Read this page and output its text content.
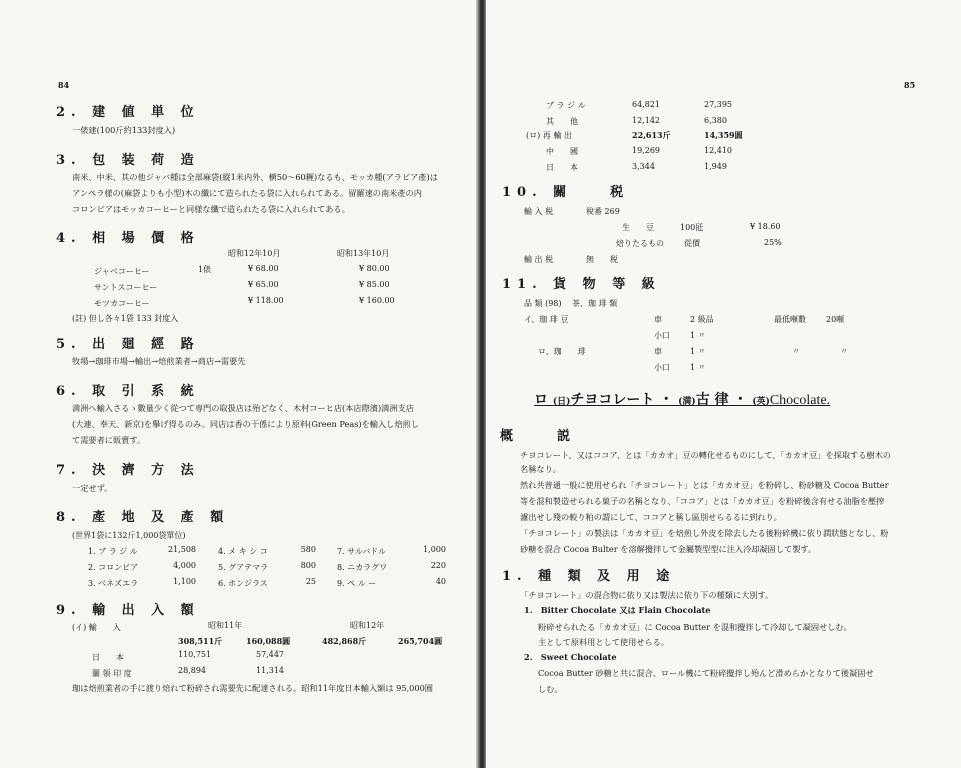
84
2. 建 値 単 位
一俵建(100斤約133封度入)
3. 包 装 荷 造
南米、中米、其の他ジャバ種は全部麻袋(縦1米内外、横50～60糎)なるも、モッカ種(アラビア產)は
アンペラ様の(麻袋よりも小型)木の纖にて造られたる袋に入れられてある。留羅速の南米產の内
コロンビアはモッカコーヒーと同様な纖で造られたる袋に入れられてある。
4. 相 場 價 格
昭和12年10月	昭和13年10月
ジャベコーヒー	1俵	¥ 68.00	¥ 80.00
サントスコーヒー	¥ 65.00	¥ 85.00
モツカコーヒー	¥ 118.00	¥ 160.00
(註) 但し各々1袋 133 封度入
5. 出 廻 經 路
牧場→珈琲市場→輸出→焙煎業者→商店→需要先
6. 取 引 系 統
満洲へ輸入さるゝ數量少く從つて専門の取扱店は殆どなく、木村コーヒ店(本店際濱)満洲支店
(大連、奉天、新京)を擧げ得るのみ。同店は香の干係により原料(Green Peas)を輸入し焙煎し
て需要者に販賣す。
7. 決 濟 方 法
一定せず。
8. 產 地 及 產 額
(世界1袋に132斤1,000袋單位)
1. ブ ラ ジ ル	21,508	4. メ キ シ コ	580	7. サルバドル	1,000
2. コロンビア	4,000	5. グアテマラ	800	8. ニカラグワ	220
3. ベネズエラ	1,100	6. ホンジラス	25	9. ペ ル ー	40
9. 輸 出 入 額
(イ) 輸　　入	昭和11年	昭和12年
308,511斤	160,088圓	482,868斤	265,704圓
日　　本	110,751	57,447
蘭 領 印 度	28,894	11,314
珈は焙煎業者の手に渡り焙れて粉碎され需要先に配達される。昭和11年度日本輸入額は 95,000圓
85
ブ ラ ジ ル	64,821	27,395
其　　他	12,142	6,380
(ロ) 再 輸 出	22,613斤	14,359圓
中　　國	19,269	12,410
日　　本	3,344	1,949
10. 關　　税
輸 入 税	稅番 269
生　　豆	100瓩	¥ 18.60
焙りたるもの	從價	25%
輸 出 税	無　　税
11. 貨 物 等 級
品 類 (98)　 茶、珈 琲 類
イ、珈 琲 豆	車	2 級品	最低噸數	20噸
小口	1 〃
ロ、珈　　琲	車	1 〃	〃	〃
小口	1 〃
ロ (日)チヨコレート ・ (満)古 律 ・ (英)Chocolate.
概　　説
チヨコレート、又はココア、とは「カカオ」豆の轉化せるものにして、「カカオ豆」を採取する樹木の
名稱なり。
然れ共普通一般に使用せられ「チヨコレート」とは「カカオ豆」を粉碎し、粉砂糖及 Cocoa Butter
等を混和製造せられる菓子の名稱となり、「ココア」とは「カカオ豆」を粉碎後含有せる油脂を壓搾
濾出せし殘の較り粕の謂にして、ココアと稱し區別せらるるに到れり。
「チヨコレート」の製法は「カカオ豆」を焙煎し外皮を除去したる後粉碎機に依り潤狀態となし、粉
砂糖を混合 Cocoa Bulter を溶解攪拌して金屬製型型に注入冷却凝固して製す。
1. 種 類 及 用 途
「チヨコレート」の混合物に依り又は製法に依り下の種類に大別す。
1.　Bitter Chocolate 又は Flain Chocolate
粉碎せられたる「カカオ豆」に Cocoa Butter を混和攪拌して冷却して凝固せしむ。
主として原料用として使用せらる。
2.　Sweet Chocolate
Cocoa Butter 砂糖と共に混合、ロール機にて粉碎攪拌し殆んど滑めらかとなりて後凝固せ
しむ。
